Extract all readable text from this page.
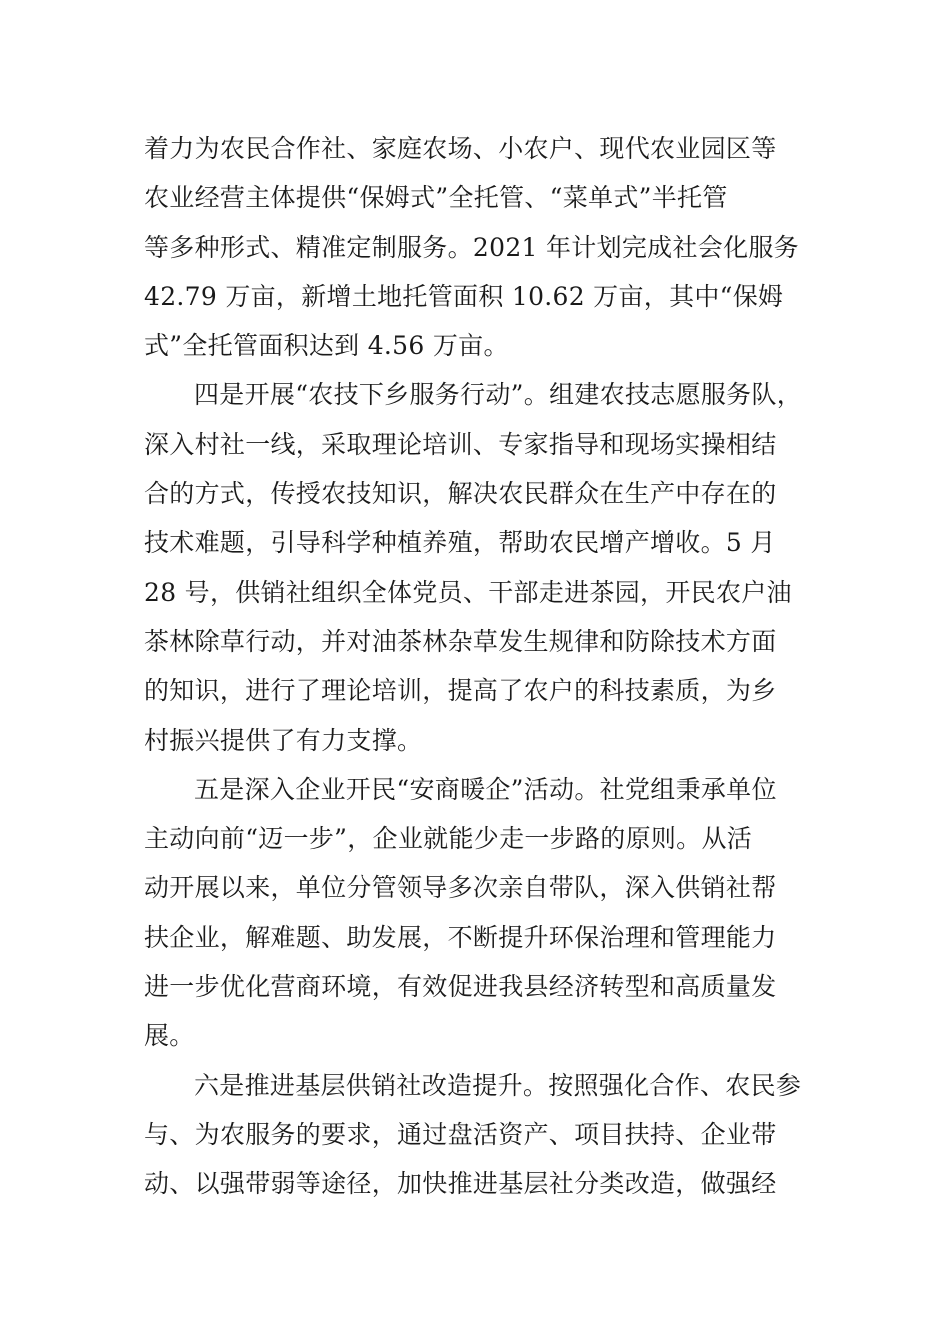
着力为农民合作社、家庭农场、小农户、现代农业园区等
农业经营主体提供“保姆式”全托管、“菜单式”半托管
等多种形式、精准定制服务。2021 年计划完成社会化服务
42.79 万亩，新增土地托管面积 10.62 万亩，其中“保姆
式”全托管面积达到 4.56 万亩。
四是开展“农技下乡服务行动”。组建农技志愿服务队，
深入村社一线，采取理论培训、专家指导和现场实操相结
合的方式，传授农技知识，解决农民群众在生产中存在的
技术难题，引导科学种植养殖，帮助农民增产增收。5 月
28 号，供销社组织全体党员、干部走进茶园，开民农户油
茶林除草行动，并对油茶林杂草发生规律和防除技术方面
的知识，进行了理论培训，提高了农户的科技素质，为乡
村振兴提供了有力支撑。
五是深入企业开民“安商暖企”活动。社党组秉承单位
主动向前“迈一步”，企业就能少走一步路的原则。从活
动开展以来，单位分管领导多次亲自带队，深入供销社帮
扶企业，解难题、助发展，不断提升环保治理和管理能力
进一步优化营商环境，有效促进我县经济转型和高质量发
展。
六是推进基层供销社改造提升。按照强化合作、农民参
与、为农服务的要求，通过盘活资产、项目扶持、企业带
动、以强带弱等途径，加快推进基层社分类改造，做强经
